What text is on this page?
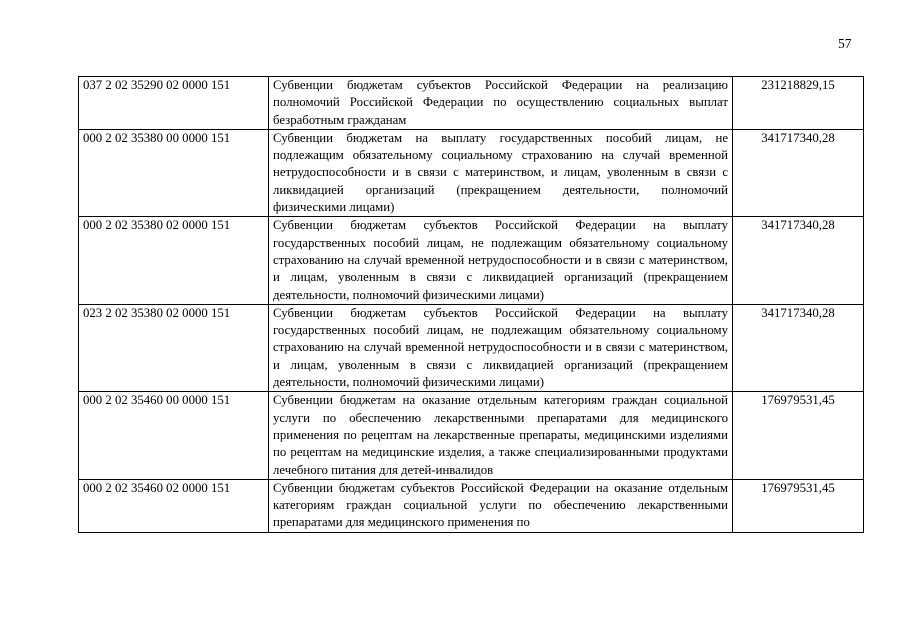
57
037 2 02 35290 02 0000 151	Субвенции бюджетам субъектов Российской Федерации на реализацию полномочий Российской Федерации по осуществлению социальных выплат безработным гражданам	231218829,15
000 2 02 35380 00 0000 151	Субвенции бюджетам на выплату государственных пособий лицам, не подлежащим обязательному социальному страхованию на случай временной нетрудоспособности и в связи с материнством, и лицам, уволенным в связи с ликвидацией организаций (прекращением деятельности, полномочий физическими лицами)	341717340,28
000 2 02 35380 02 0000 151	Субвенции бюджетам субъектов Российской Федерации на выплату государственных пособий лицам, не подлежащим обязательному социальному страхованию на случай временной нетрудоспособности и в связи с материнством, и лицам, уволенным в связи с ликвидацией организаций (прекращением деятельности, полномочий физическими лицами)	341717340,28
023 2 02 35380 02 0000 151	Субвенции бюджетам субъектов Российской Федерации на выплату государственных пособий лицам, не подлежащим обязательному социальному страхованию на случай временной нетрудоспособности и в связи с материнством, и лицам, уволенным в связи с ликвидацией организаций (прекращением деятельности, полномочий физическими лицами)	341717340,28
000 2 02 35460 00 0000 151	Субвенции бюджетам на оказание отдельным категориям граждан социальной услуги по обеспечению лекарственными препаратами для медицинского применения по рецептам на лекарственные препараты, медицинскими изделиями по рецептам на медицинские изделия, а также специализированными продуктами лечебного питания для детей-инвалидов	176979531,45
000 2 02 35460 02 0000 151	Субвенции бюджетам субъектов Российской Федерации на оказание отдельным категориям граждан социальной услуги по обеспечению лекарственными препаратами для медицинского применения по	176979531,45
